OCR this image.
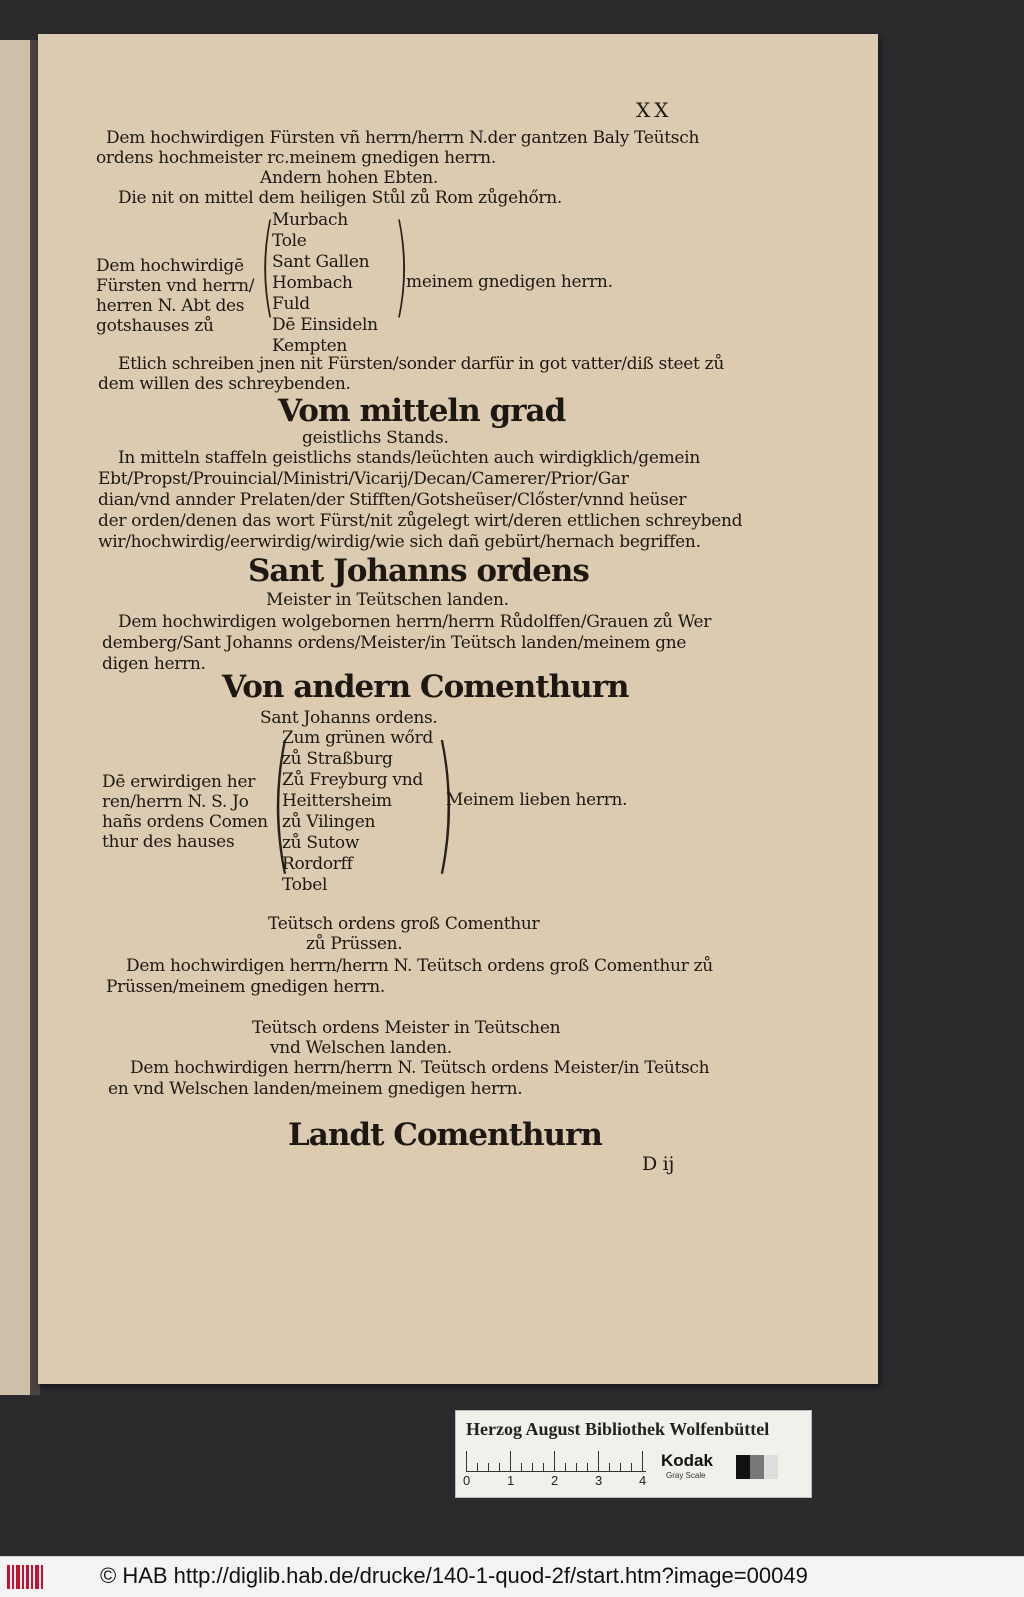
XX
Dem hochwirdigen Fürsten vñ herrn/herrn N.der gantzen Baly Teütsch
ordens hochmeister rc.meinem gnedigen herrn.
Andern hohen Ebten.
Die nit on mittel dem heiligen Stůl zů Rom zůgehőrn.
Dem hochwirdigē
Fürsten vnd herrn/
herren N. Abt des
gotshauses zů (
Murbach
Tole
Sant Gallen
Hombach
Fuld
Dē Einsideln
Kempten
)
meinem gnedigen herrn.
Etlich schreiben jnen nit Fürsten/sonder darfür in got vatter/diß steet zů
dem willen des schreybenden.
Vom mitteln grad
geistlichs Stands.
In mitteln staffeln geistlichs stands/leüchten auch wirdigklich/gemein
Ebt/Propst/Prouincial/Ministri/Vicarij/Decan/Camerer/Prior/Gar
dian/vnd annder Prelaten/der Stifften/Gotsheüser/Clőster/vnnd heüser
der orden/denen das wort Fürst/nit zůgelegt wirt/deren ettlichen schreybend
wir/hochwirdig/eerwirdig/wirdig/wie sich dañ gebürt/hernach begriffen.
Sant Johanns ordens
Meister in Teütschen landen.
Dem hochwirdigen wolgebornen herrn/herrn Růdolffen/Grauen zů Wer
demberg/Sant Johanns ordens/Meister/in Teütsch landen/meinem gne
digen herrn.
Von andern Comenthurn
Sant Johanns ordens.
Dē erwirdigen her
ren/herrn N. S. Jo
hañs ordens Comen
thur des hauses (
Zum grünen wőrd
zů Straßburg
Zů Freyburg vnd
Heittersheim
zů Vilingen
zů Sutow
Rordorff
Tobel )
Meinem lieben herrn.
Teütsch ordens groß Comenthur
zů Prüssen.
Dem hochwirdigen herrn/herrn N. Teütsch ordens groß Comenthur zů
Prüssen/meinem gnedigen herrn.
Teütsch ordens Meister in Teütschen
vnd Welschen landen.
Dem hochwirdigen herrn/herrn N. Teütsch ordens Meister/in Teütsch
en vnd Welschen landen/meinem gnedigen herrn.
Landt Comenthurn
D ij
Herzog August Bibliothek Wolfenbüttel
0	1	2	3	4
Kodak
Gray Scale
© HAB http://diglib.hab.de/drucke/140-1-quod-2f/start.htm?image=00049
